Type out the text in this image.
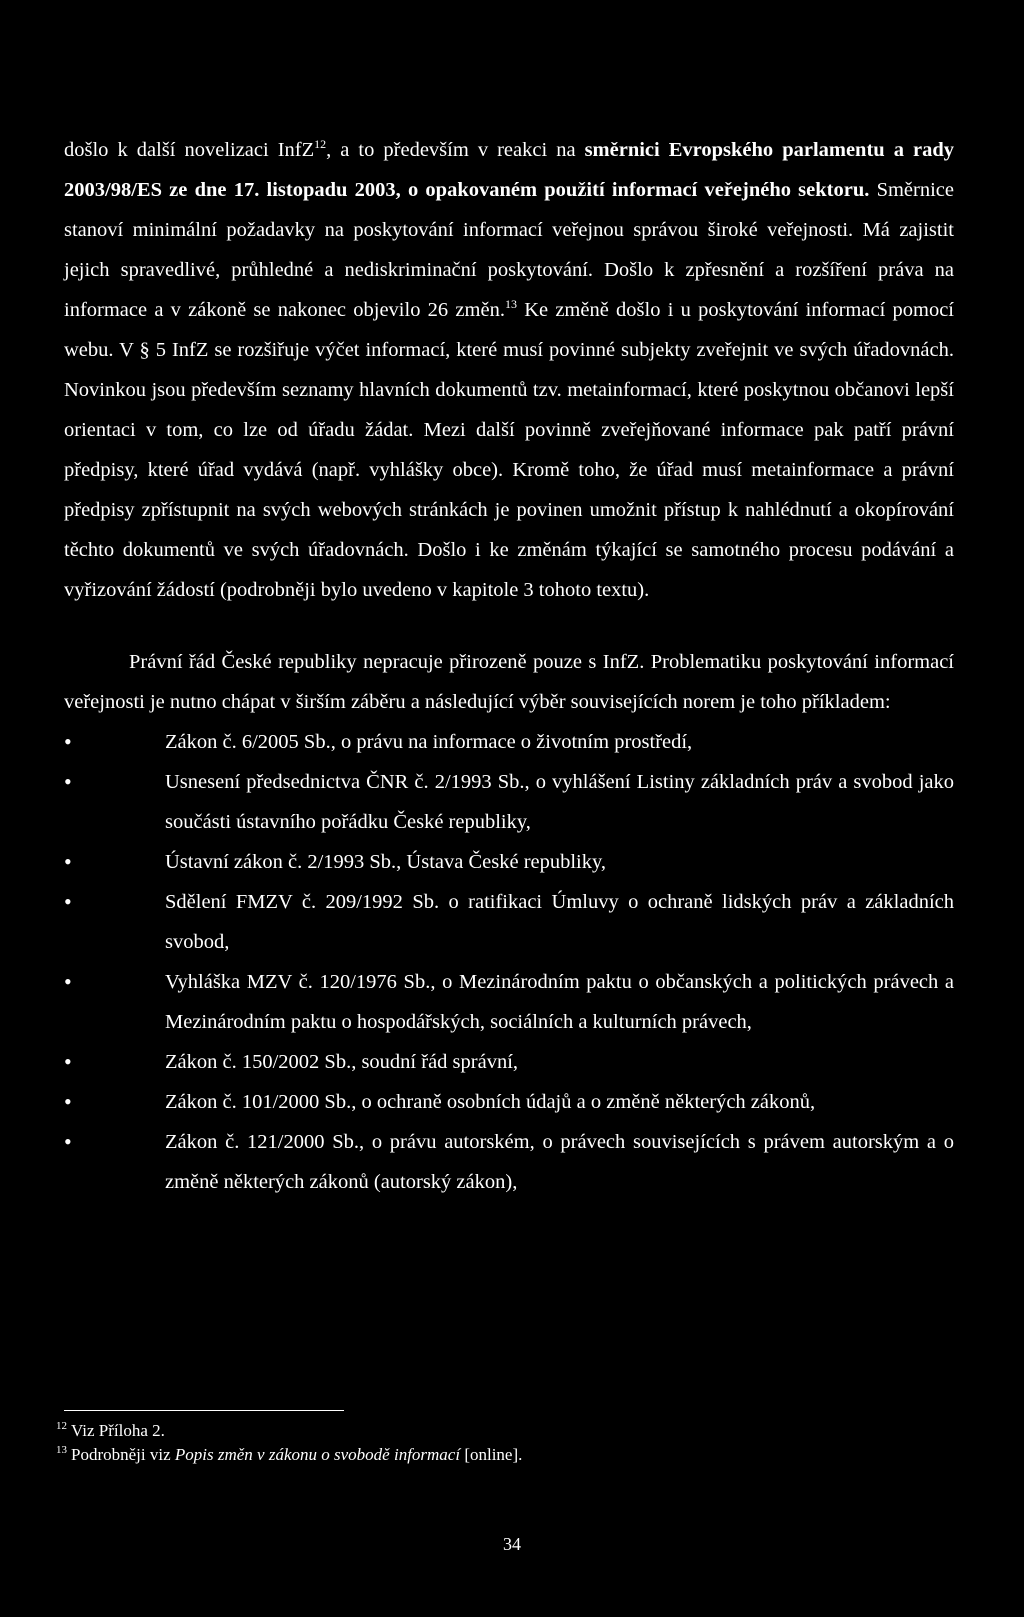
došlo k další novelizaci InfZ$^{12}$, a to především v reakci na směrnici Evropského parlamentu a rady 2003/98/ES ze dne 17. listopadu 2003, o opakovaném použití informací veřejného sektoru. Směrnice stanoví minimální požadavky na poskytování informací veřejnou správou široké veřejnosti. Má zajistit jejich spravedlivé, průhledné a nediskriminační poskytování. Došlo k zpřesnění a rozšíření práva na informace a v zákoně se nakonec objevilo 26 změn.$^{13}$ Ke změně došlo i u poskytování informací pomocí webu. V § 5 InfZ se rozšiřuje výčet informací, které musí povinné subjekty zveřejnit ve svých úřadovnách. Novinkou jsou především seznamy hlavních dokumentů tzv. metainformací, které poskytnou občanovi lepší orientaci v tom, co lze od úřadu žádat. Mezi další povinně zveřejňované informace pak patří právní předpisy, které úřad vydává (např. vyhlášky obce). Kromě toho, že úřad musí metainformace a právní předpisy zpřístupnit na svých webových stránkách je povinen umožnit přístup k nahlédnutí a okopírování těchto dokumentů ve svých úřadovnách. Došlo i ke změnám týkající se samotného procesu podávání a vyřizování žádostí (podrobněji bylo uvedeno v kapitole 3 tohoto textu).

Právní řád České republiky nepracuje přirozeně pouze s InfZ. Problematiku poskytování informací veřejnosti je nutno chápat v širším záběru a následující výběr souvisejících norem je toho příkladem:

• Zákon č. 6/2005 Sb., o právu na informace o životním prostředí,
• Usnesení předsednictva ČNR č. 2/1993 Sb., o vyhlášení Listiny základních práv a svobod jako součásti ústavního pořádku České republiky,
• Ústavní zákon č. 2/1993 Sb., Ústava České republiky,
• Sdělení FMZV č. 209/1992 Sb. o ratifikaci Úmluvy o ochraně lidských práv a základních svobod,
• Vyhláška MZV č. 120/1976 Sb., o Mezinárodním paktu o občanských a politických právech a Mezinárodním paktu o hospodářských, sociálních a kulturních právech,
• Zákon č. 150/2002 Sb., soudní řád správní,
• Zákon č. 101/2000 Sb., o ochraně osobních údajů a o změně některých zákonů,
• Zákon č. 121/2000 Sb., o právu autorském, o právech souvisejících s právem autorským a o změně některých zákonů (autorský zákon),
$^{12}$ Viz Příloha 2.
$^{13}$ Podrobněji viz Popis změn v zákonu o svobodě informací [online].
34
